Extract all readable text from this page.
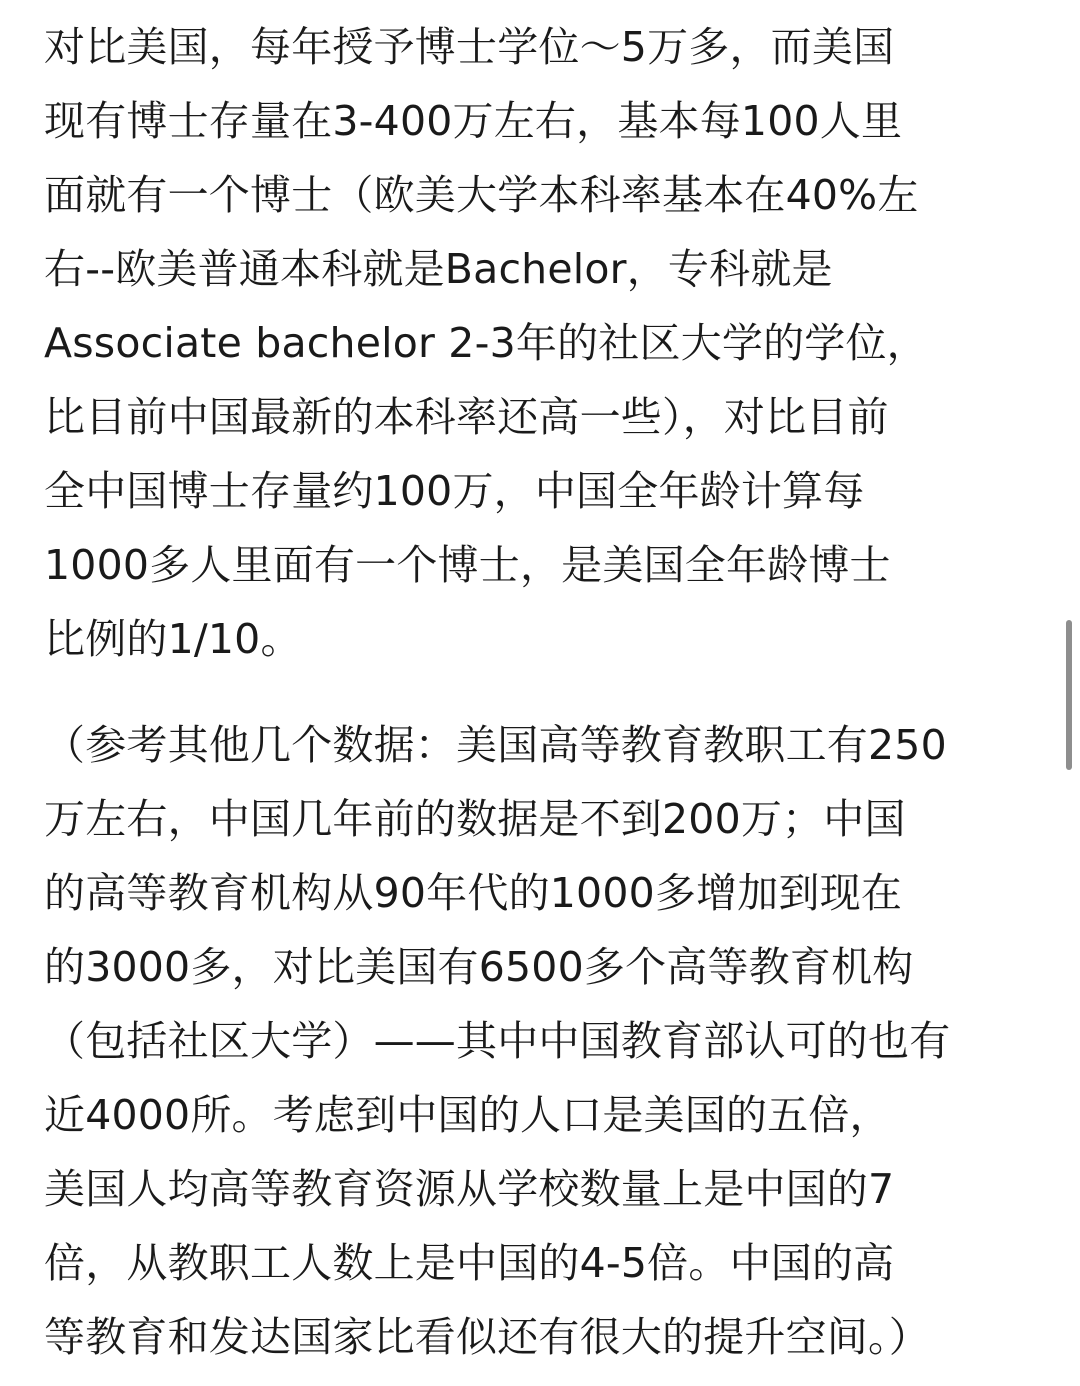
对比美国，每年授予博士学位～5万多，而美国
现有博士存量在3-400万左右，基本每100人里
面就有一个博士（欧美大学本科率基本在40%左
右--欧美普通本科就是Bachelor，专科就是
Associate bachelor 2-3年的社区大学的学位，
比目前中国最新的本科率还高一些），对比目前
全中国博士存量约100万，中国全年龄计算每
1000多人里面有一个博士，是美国全年龄博士
比例的1/10。
（参考其他几个数据：美国高等教育教职工有250
万左右，中国几年前的数据是不到200万；中国
的高等教育机构从90年代的1000多增加到现在
的3000多，对比美国有6500多个高等教育机构
（包括社区大学）——其中中国教育部认可的也有
近4000所。考虑到中国的人口是美国的五倍，
美国人均高等教育资源从学校数量上是中国的7
倍，从教职工人数上是中国的4-5倍。中国的高
等教育和发达国家比看似还有很大的提升空间。）
